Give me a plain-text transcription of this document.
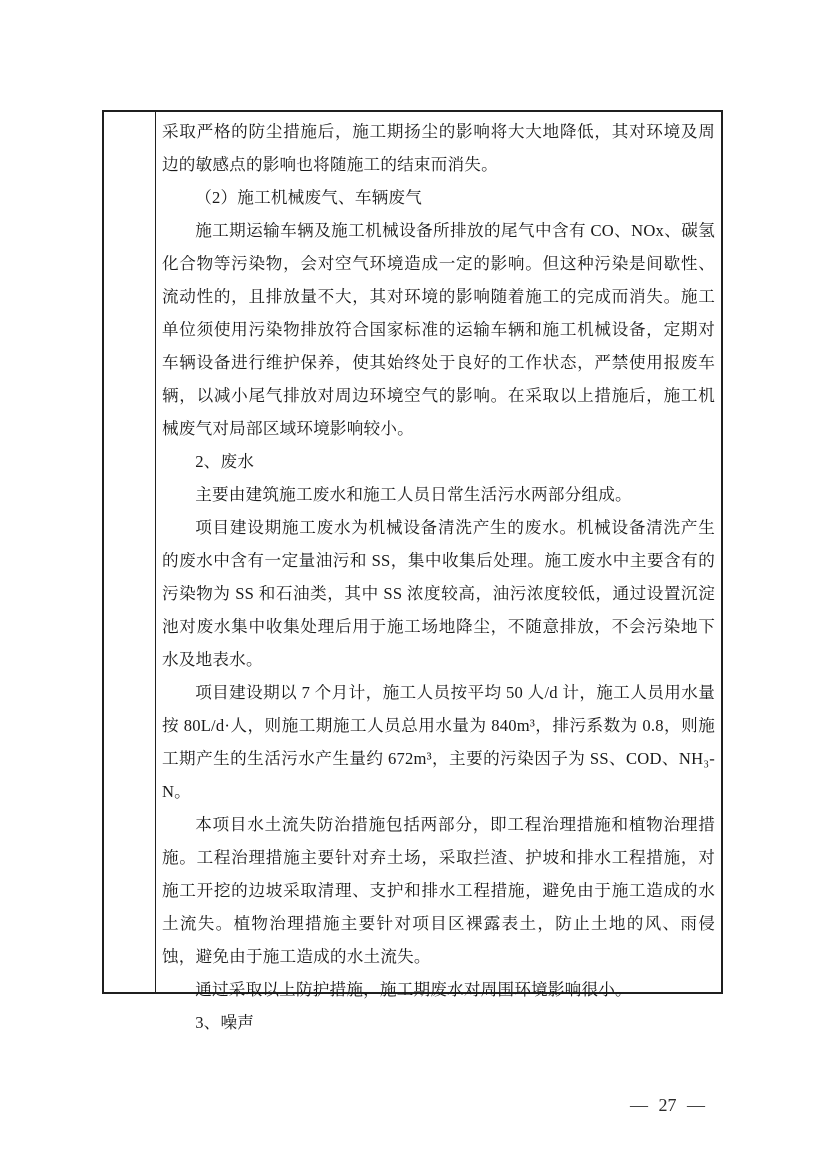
采取严格的防尘措施后，施工期扬尘的影响将大大地降低，其对环境及周边的敏感点的影响也将随施工的结束而消失。

（2）施工机械废气、车辆废气

施工期运输车辆及施工机械设备所排放的尾气中含有 CO、NOx、碳氢化合物等污染物，会对空气环境造成一定的影响。但这种污染是间歇性、流动性的，且排放量不大，其对环境的影响随着施工的完成而消失。施工单位须使用污染物排放符合国家标准的运输车辆和施工机械设备，定期对车辆设备进行维护保养，使其始终处于良好的工作状态，严禁使用报废车辆，以减小尾气排放对周边环境空气的影响。在采取以上措施后，施工机械废气对局部区域环境影响较小。

2、废水

主要由建筑施工废水和施工人员日常生活污水两部分组成。

项目建设期施工废水为机械设备清洗产生的废水。机械设备清洗产生的废水中含有一定量油污和 SS，集中收集后处理。施工废水中主要含有的污染物为 SS 和石油类，其中 SS 浓度较高，油污浓度较低，通过设置沉淀池对废水集中收集处理后用于施工场地降尘，不随意排放，不会污染地下水及地表水。

项目建设期以 7 个月计，施工人员按平均 50 人/d 计，施工人员用水量按 80L/d·人，则施工期施工人员总用水量为 840m³，排污系数为 0.8，则施工期产生的生活污水产生量约 672m³，主要的污染因子为 SS、COD、NH₃-N。

本项目水土流失防治措施包括两部分，即工程治理措施和植物治理措施。工程治理措施主要针对弃土场，采取拦渣、护坡和排水工程措施，对施工开挖的边坡采取清理、支护和排水工程措施，避免由于施工造成的水土流失。植物治理措施主要针对项目区裸露表土，防止土地的风、雨侵蚀，避免由于施工造成的水土流失。

通过采取以上防护措施，施工期废水对周围环境影响很小。

3、噪声

— 27 —
